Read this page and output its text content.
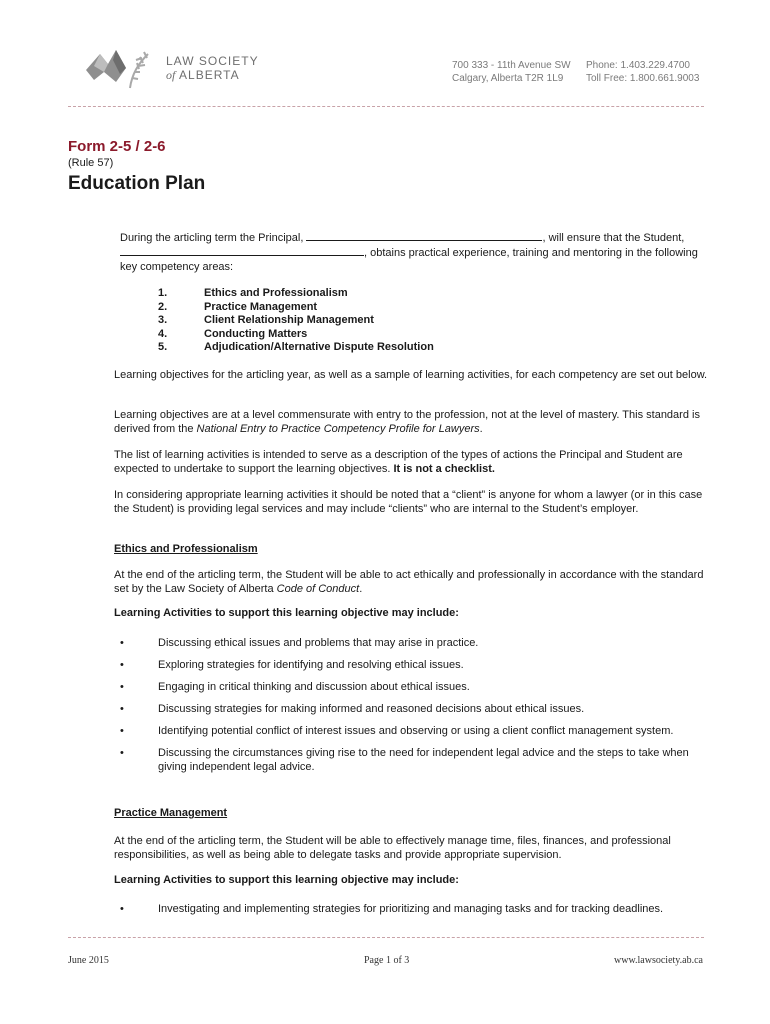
LAW SOCIETY
of ALBERTA
700 333 - 11th Avenue SW
Calgary, Alberta T2R 1L9
Phone: 1.403.229.4700
Toll Free: 1.800.661.9003
Form 2-5 / 2-6
(Rule 57)
Education Plan
During the articling term the Principal,	, will ensure that the Student, , obtains practical experience, training and mentoring in the following key competency areas:
1.	Ethics and Professionalism
2.	Practice Management
3.	Client Relationship Management
4.	Conducting Matters
5.	Adjudication/Alternative Dispute Resolution
Learning objectives for the articling year, as well as a sample of learning activities, for each competency are set out below.
Learning objectives are at a level commensurate with entry to the profession, not at the level of mastery. This standard is derived from the National Entry to Practice Competency Profile for Lawyers.
The list of learning activities is intended to serve as a description of the types of actions the Principal and Student are expected to undertake to support the learning objectives. It is not a checklist.
In considering appropriate learning activities it should be noted that a “client” is anyone for whom a lawyer (or in this case the Student) is providing legal services and may include “clients” who are internal to the Student’s employer.
Ethics and Professionalism
At the end of the articling term, the Student will be able to act ethically and professionally in accordance with the standard set by the Law Society of Alberta Code of Conduct.
Learning Activities to support this learning objective may include:
•	Discussing ethical issues and problems that may arise in practice.
•	Exploring strategies for identifying and resolving ethical issues.
•	Engaging in critical thinking and discussion about ethical issues.
•	Discussing strategies for making informed and reasoned decisions about ethical issues.
•	Identifying potential conflict of interest issues and observing or using a client conflict management system.
•	Discussing the circumstances giving rise to the need for independent legal advice and the steps to take when giving independent legal advice.
Practice Management
At the end of the articling term, the Student will be able to effectively manage time, files, finances, and professional responsibilities, as well as being able to delegate tasks and provide appropriate supervision.
Learning Activities to support this learning objective may include:
•	Investigating and implementing strategies for prioritizing and managing tasks and for tracking deadlines.
June 2015	Page 1 of 3	www.lawsociety.ab.ca
